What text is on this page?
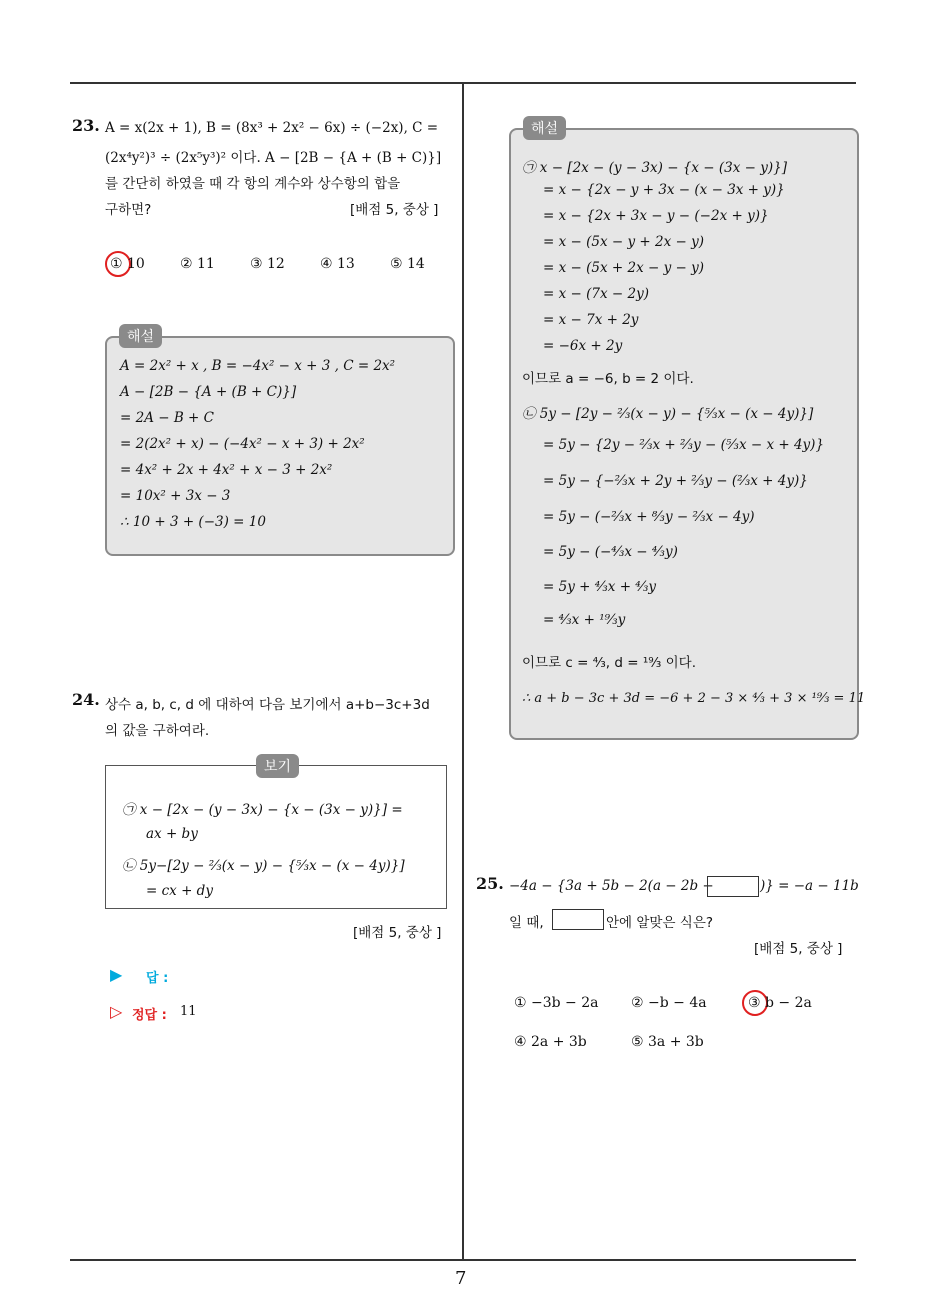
7
23. A = x(2x + 1), B = (8x³ + 2x² − 6x) ÷ (−2x), C =
(2x⁴y²)³ ÷ (2x⁵y³)² 이다. A − [2B − {A + (B + C)}]
를 간단히 하였을 때 각 항의 계수와 상수항의 합을
구하면?	[배점 5, 중상 ]
① 10	② 11	③ 12	④ 13	⑤ 14
해설
A = 2x² + x , B = −4x² − x + 3 , C = 2x²
A − [2B − {A + (B + C)}]
= 2A − B + C
= 2(2x² + x) − (−4x² − x + 3) + 2x²
= 4x² + 2x + 4x² + x − 3 + 2x²
= 10x² + 3x − 3
∴ 10 + 3 + (−3) = 10
24. 상수 a, b, c, d 에 대하여 다음 보기에서 a+b−3c+3d
의 값을 구하여라.
보기
㉠ x − [2x − (y − 3x) − {x − (3x − y)}] =
ax + by
㉡ 5y−[2y − ²⁄₃(x − y) − {⁵⁄₃x − (x − 4y)}]
= cx + dy
[배점 5, 중상 ]
▶ 답 :
▷ 정답 : 11
해설
㉠ x − [2x − (y − 3x) − {x − (3x − y)}]
= x − {2x − y + 3x − (x − 3x + y)}
= x − {2x + 3x − y − (−2x + y)}
= x − (5x − y + 2x − y)
= x − (5x + 2x − y − y)
= x − (7x − 2y)
= x − 7x + 2y
= −6x + 2y
이므로 a = −6, b = 2 이다.
㉡ 5y − [2y − ²⁄₃(x − y) − {⁵⁄₃x − (x − 4y)}]
= 5y − {2y − ²⁄₃x + ²⁄₃y − (⁵⁄₃x − x + 4y)}
= 5y − {−²⁄₃x + 2y + ²⁄₃y − (²⁄₃x + 4y)}
= 5y − (−²⁄₃x + ⁸⁄₃y − ²⁄₃x − 4y)
= 5y − (−⁴⁄₃x − ⁴⁄₃y)
= 5y + ⁴⁄₃x + ⁴⁄₃y
= ⁴⁄₃x + ¹⁹⁄₃y
이므로 c = ⁴⁄₃, d = ¹⁹⁄₃ 이다.
∴ a + b − 3c + 3d = −6 + 2 − 3 × ⁴⁄₃ + 3 × ¹⁹⁄₃ = 11
25. −4a − {3a + 5b − 2(a − 2b −	)} = −a − 11b
일 때,	안에 알맞은 식은?
[배점 5, 중상 ]
① −3b − 2a ② −b − 4a	③ b − 2a
④ 2a + 3b	⑤ 3a + 3b
